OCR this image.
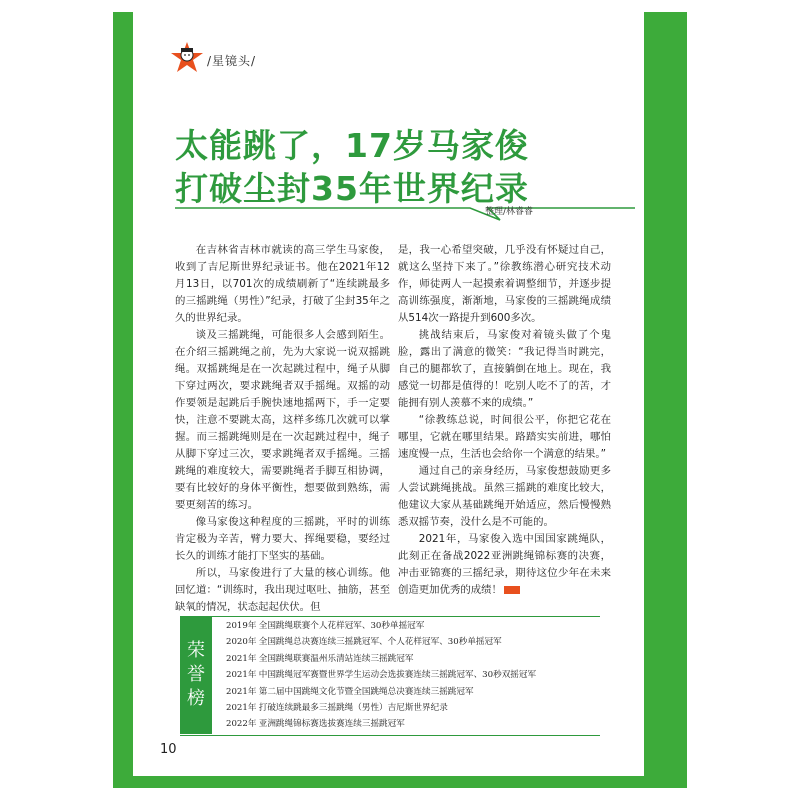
/星镜头/
太能跳了，17岁马家俊
打破尘封35年世界纪录
整理/林睿睿

在吉林省吉林市就读的高三学生马家俊，收到了吉尼斯世界纪录证书。他在2021年12月13日，以701次的成绩刷新了“连续跳最多的三摇跳绳（男性）”纪录，打破了尘封35年之久的世界纪录。

谈及三摇跳绳，可能很多人会感到陌生。在介绍三摇跳绳之前，先为大家说一说双摇跳绳。双摇跳绳是在一次起跳过程中，绳子从脚下穿过两次，要求跳绳者双手摇绳。双摇的动作要领是起跳后手腕快速地摇两下，手一定要快，注意不要跳太高，这样多练几次就可以掌握。而三摇跳绳则是在一次起跳过程中，绳子从脚下穿过三次，要求跳绳者双手摇绳。三摇跳绳的难度较大，需要跳绳者手脚互相协调，要有比较好的身体平衡性，想要做到熟练，需要更刻苦的练习。

像马家俊这种程度的三摇跳，平时的训练肯定极为辛苦，臂力要大、挥绳要稳，要经过长久的训练才能打下坚实的基础。

所以，马家俊进行了大量的核心训练。他回忆道：“训练时，我出现过呕吐、抽筋，甚至缺氧的情况，状态起起伏伏。但

是，我一心希望突破，几乎没有怀疑过自己，就这么坚持下来了。”徐教练潜心研究技术动作，师徒两人一起摸索着调整细节，并逐步提高训练强度，渐渐地，马家俊的三摇跳绳成绩从514次一路提升到600多次。

挑战结束后，马家俊对着镜头做了个鬼脸，露出了满意的微笑：“我记得当时跳完，自己的腿都软了，直接躺倒在地上。现在，我感觉一切都是值得的！吃别人吃不了的苦，才能拥有别人羡慕不来的成绩。”

“徐教练总说，时间很公平，你把它花在哪里，它就在哪里结果。路踏实实前进，哪怕速度慢一点，生活也会给你一个满意的结果。”

通过自己的亲身经历，马家俊想鼓励更多人尝试跳绳挑战。虽然三摇跳的难度比较大，他建议大家从基础跳绳开始适应，然后慢慢熟悉双摇节奏，没什么是不可能的。

2021年，马家俊入选中国国家跳绳队，此刻正在备战2022亚洲跳绳锦标赛的决赛，冲击亚锦赛的三摇纪录，期待这位少年在未来创造更加优秀的成绩！

荣
誉
榜
2019年 全国跳绳联赛个人花样冠军、30秒单摇冠军
2020年 全国跳绳总决赛连续三摇跳冠军、个人花样冠军、30秒单摇冠军
2021年 全国跳绳联赛温州乐清站连续三摇跳冠军
2021年 中国跳绳冠军赛暨世界学生运动会选拔赛连续三摇跳冠军、30秒双摇冠军
2021年 第二届中国跳绳文化节暨全国跳绳总决赛连续三摇跳冠军
2021年 打破连续跳最多三摇跳绳（男性）吉尼斯世界纪录
2022年 亚洲跳绳锦标赛选拔赛连续三摇跳冠军
10
